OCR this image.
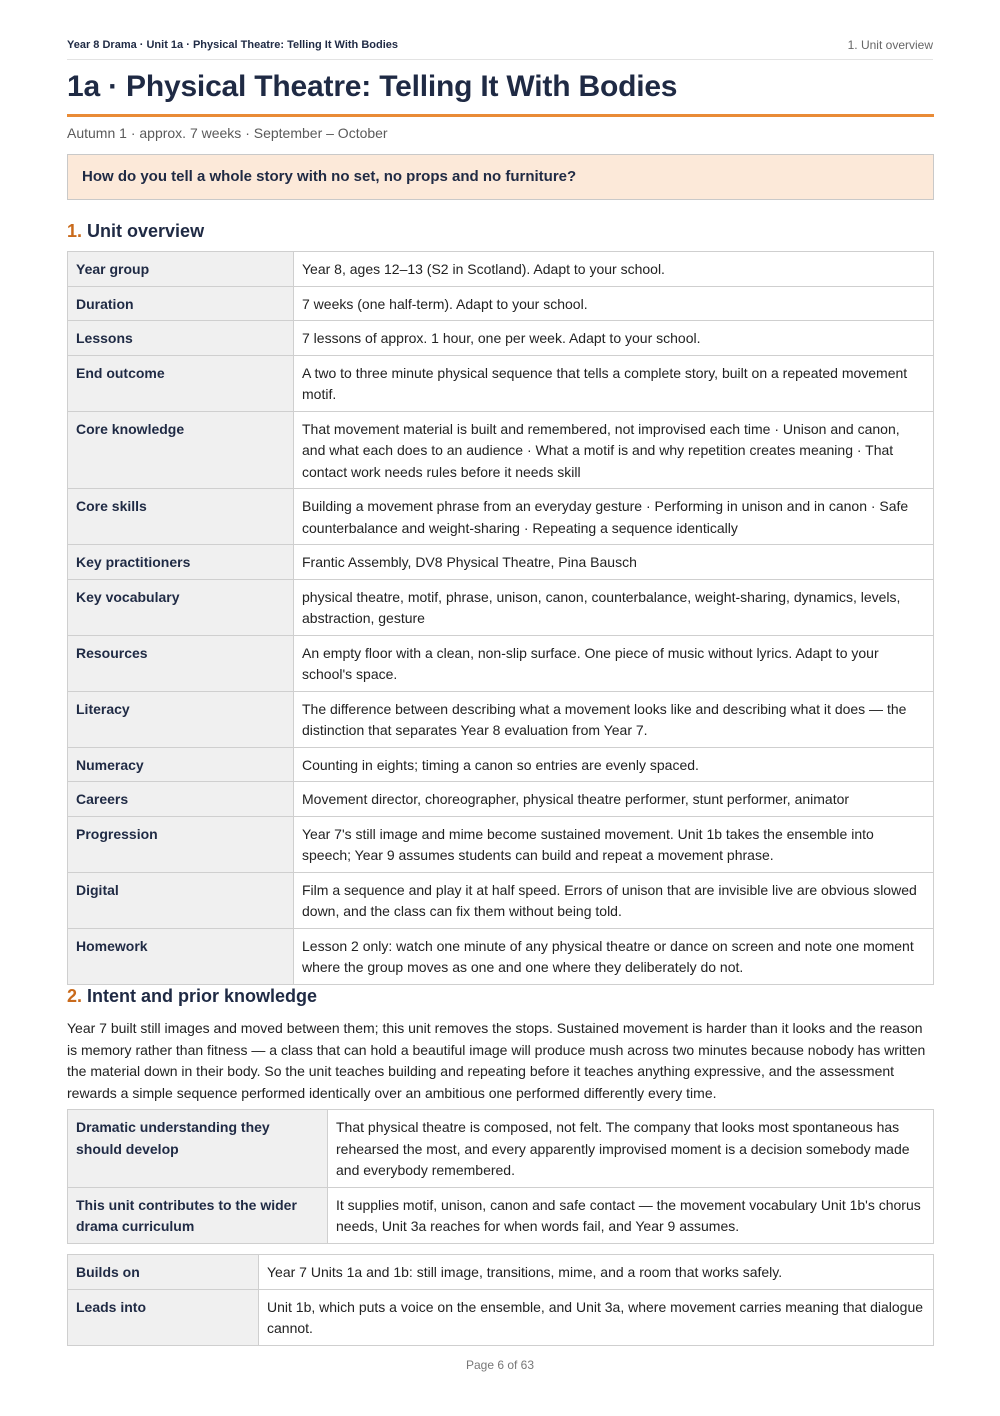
Year 8 Drama · Unit 1a · Physical Theatre: Telling It With Bodies	1. Unit overview
1a · Physical Theatre: Telling It With Bodies
Autumn 1 · approx. 7 weeks · September – October
How do you tell a whole story with no set, no props and no furniture?
1. Unit overview
Year group	Year 8, ages 12–13 (S2 in Scotland). Adapt to your school.
Duration	7 weeks (one half-term). Adapt to your school.
Lessons	7 lessons of approx. 1 hour, one per week. Adapt to your school.
End outcome	A two to three minute physical sequence that tells a complete story, built on a repeated movement motif.
Core knowledge	That movement material is built and remembered, not improvised each time · Unison and canon, and what each does to an audience · What a motif is and why repetition creates meaning · That contact work needs rules before it needs skill
Core skills	Building a movement phrase from an everyday gesture · Performing in unison and in canon · Safe counterbalance and weight-sharing · Repeating a sequence identically
Key practitioners	Frantic Assembly, DV8 Physical Theatre, Pina Bausch
Key vocabulary	physical theatre, motif, phrase, unison, canon, counterbalance, weight-sharing, dynamics, levels, abstraction, gesture
Resources	An empty floor with a clean, non-slip surface. One piece of music without lyrics. Adapt to your school's space.
Literacy	The difference between describing what a movement looks like and describing what it does — the distinction that separates Year 8 evaluation from Year 7.
Numeracy	Counting in eights; timing a canon so entries are evenly spaced.
Careers	Movement director, choreographer, physical theatre performer, stunt performer, animator
Progression	Year 7's still image and mime become sustained movement. Unit 1b takes the ensemble into speech; Year 9 assumes students can build and repeat a movement phrase.
Digital	Film a sequence and play it at half speed. Errors of unison that are invisible live are obvious slowed down, and the class can fix them without being told.
Homework	Lesson 2 only: watch one minute of any physical theatre or dance on screen and note one moment where the group moves as one and one where they deliberately do not.
2. Intent and prior knowledge

Year 7 built still images and moved between them; this unit removes the stops. Sustained movement is harder than it looks and the reason is memory rather than fitness — a class that can hold a beautiful image will produce mush across two minutes because nobody has written the material down in their body. So the unit teaches building and repeating before it teaches anything expressive, and the assessment rewards a simple sequence performed identically over an ambitious one performed differently every time.

Dramatic understanding they should develop	That physical theatre is composed, not felt. The company that looks most spontaneous has rehearsed the most, and every apparently improvised moment is a decision somebody made and everybody remembered.
This unit contributes to the wider drama curriculum	It supplies motif, unison, canon and safe contact — the movement vocabulary Unit 1b's chorus needs, Unit 3a reaches for when words fail, and Year 9 assumes.
Builds on	Year 7 Units 1a and 1b: still image, transitions, mime, and a room that works safely.
Leads into	Unit 1b, which puts a voice on the ensemble, and Unit 3a, where movement carries meaning that dialogue cannot.
Page 6 of 63
